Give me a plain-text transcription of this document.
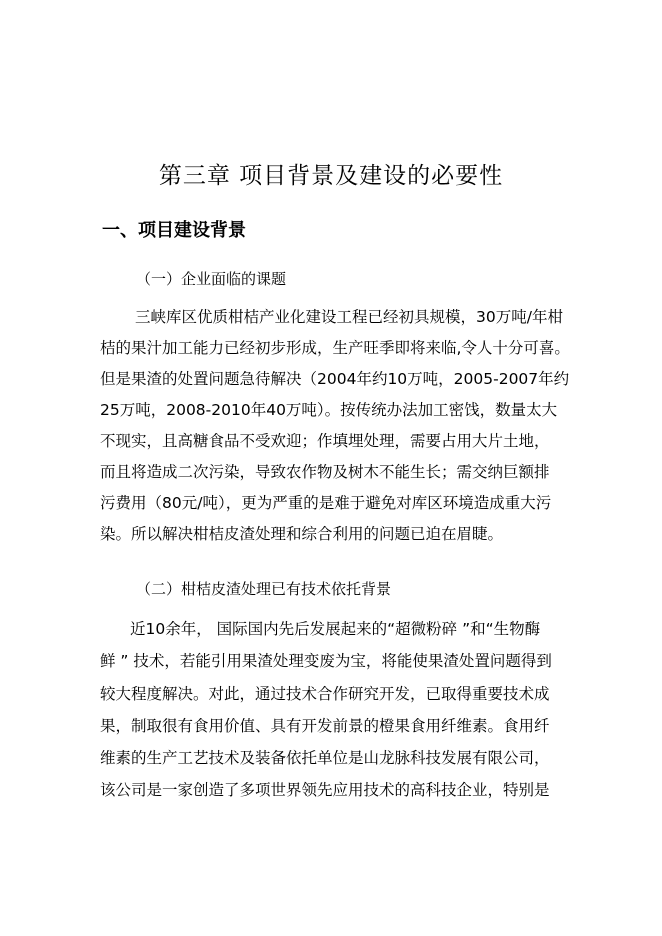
第三章 项目背景及建设的必要性
一、项目建设背景
（一）企业面临的课题
三峡库区优质柑桔产业化建设工程已经初具规模，30万吨/年柑
桔的果汁加工能力已经初步形成，生产旺季即将来临,令人十分可喜。
但是果渣的处置问题急待解决（2004年约10万吨，2005-2007年约
25万吨，2008-2010年40万吨）。按传统办法加工密饯，数量太大
不现实，且高糖食品不受欢迎；作填埋处理，需要占用大片土地，
而且将造成二次污染，导致农作物及树木不能生长；需交纳巨额排
污费用（80元/吨），更为严重的是难于避免对库区环境造成重大污
染。所以解决柑桔皮渣处理和综合利用的问题已迫在眉睫。
（二）柑桔皮渣处理已有技术依托背景
近10余年， 国际国内先后发展起来的“超微粉碎 ”和“生物酶
鲜 ” 技术，若能引用果渣处理变废为宝，将能使果渣处置问题得到
较大程度解决。对此，通过技术合作研究开发，已取得重要技术成
果，制取很有食用价值、具有开发前景的橙果食用纤维素。食用纤
维素的生产工艺技术及装备依托单位是山龙脉科技发展有限公司，
该公司是一家创造了多项世界领先应用技术的高科技企业，特别是
